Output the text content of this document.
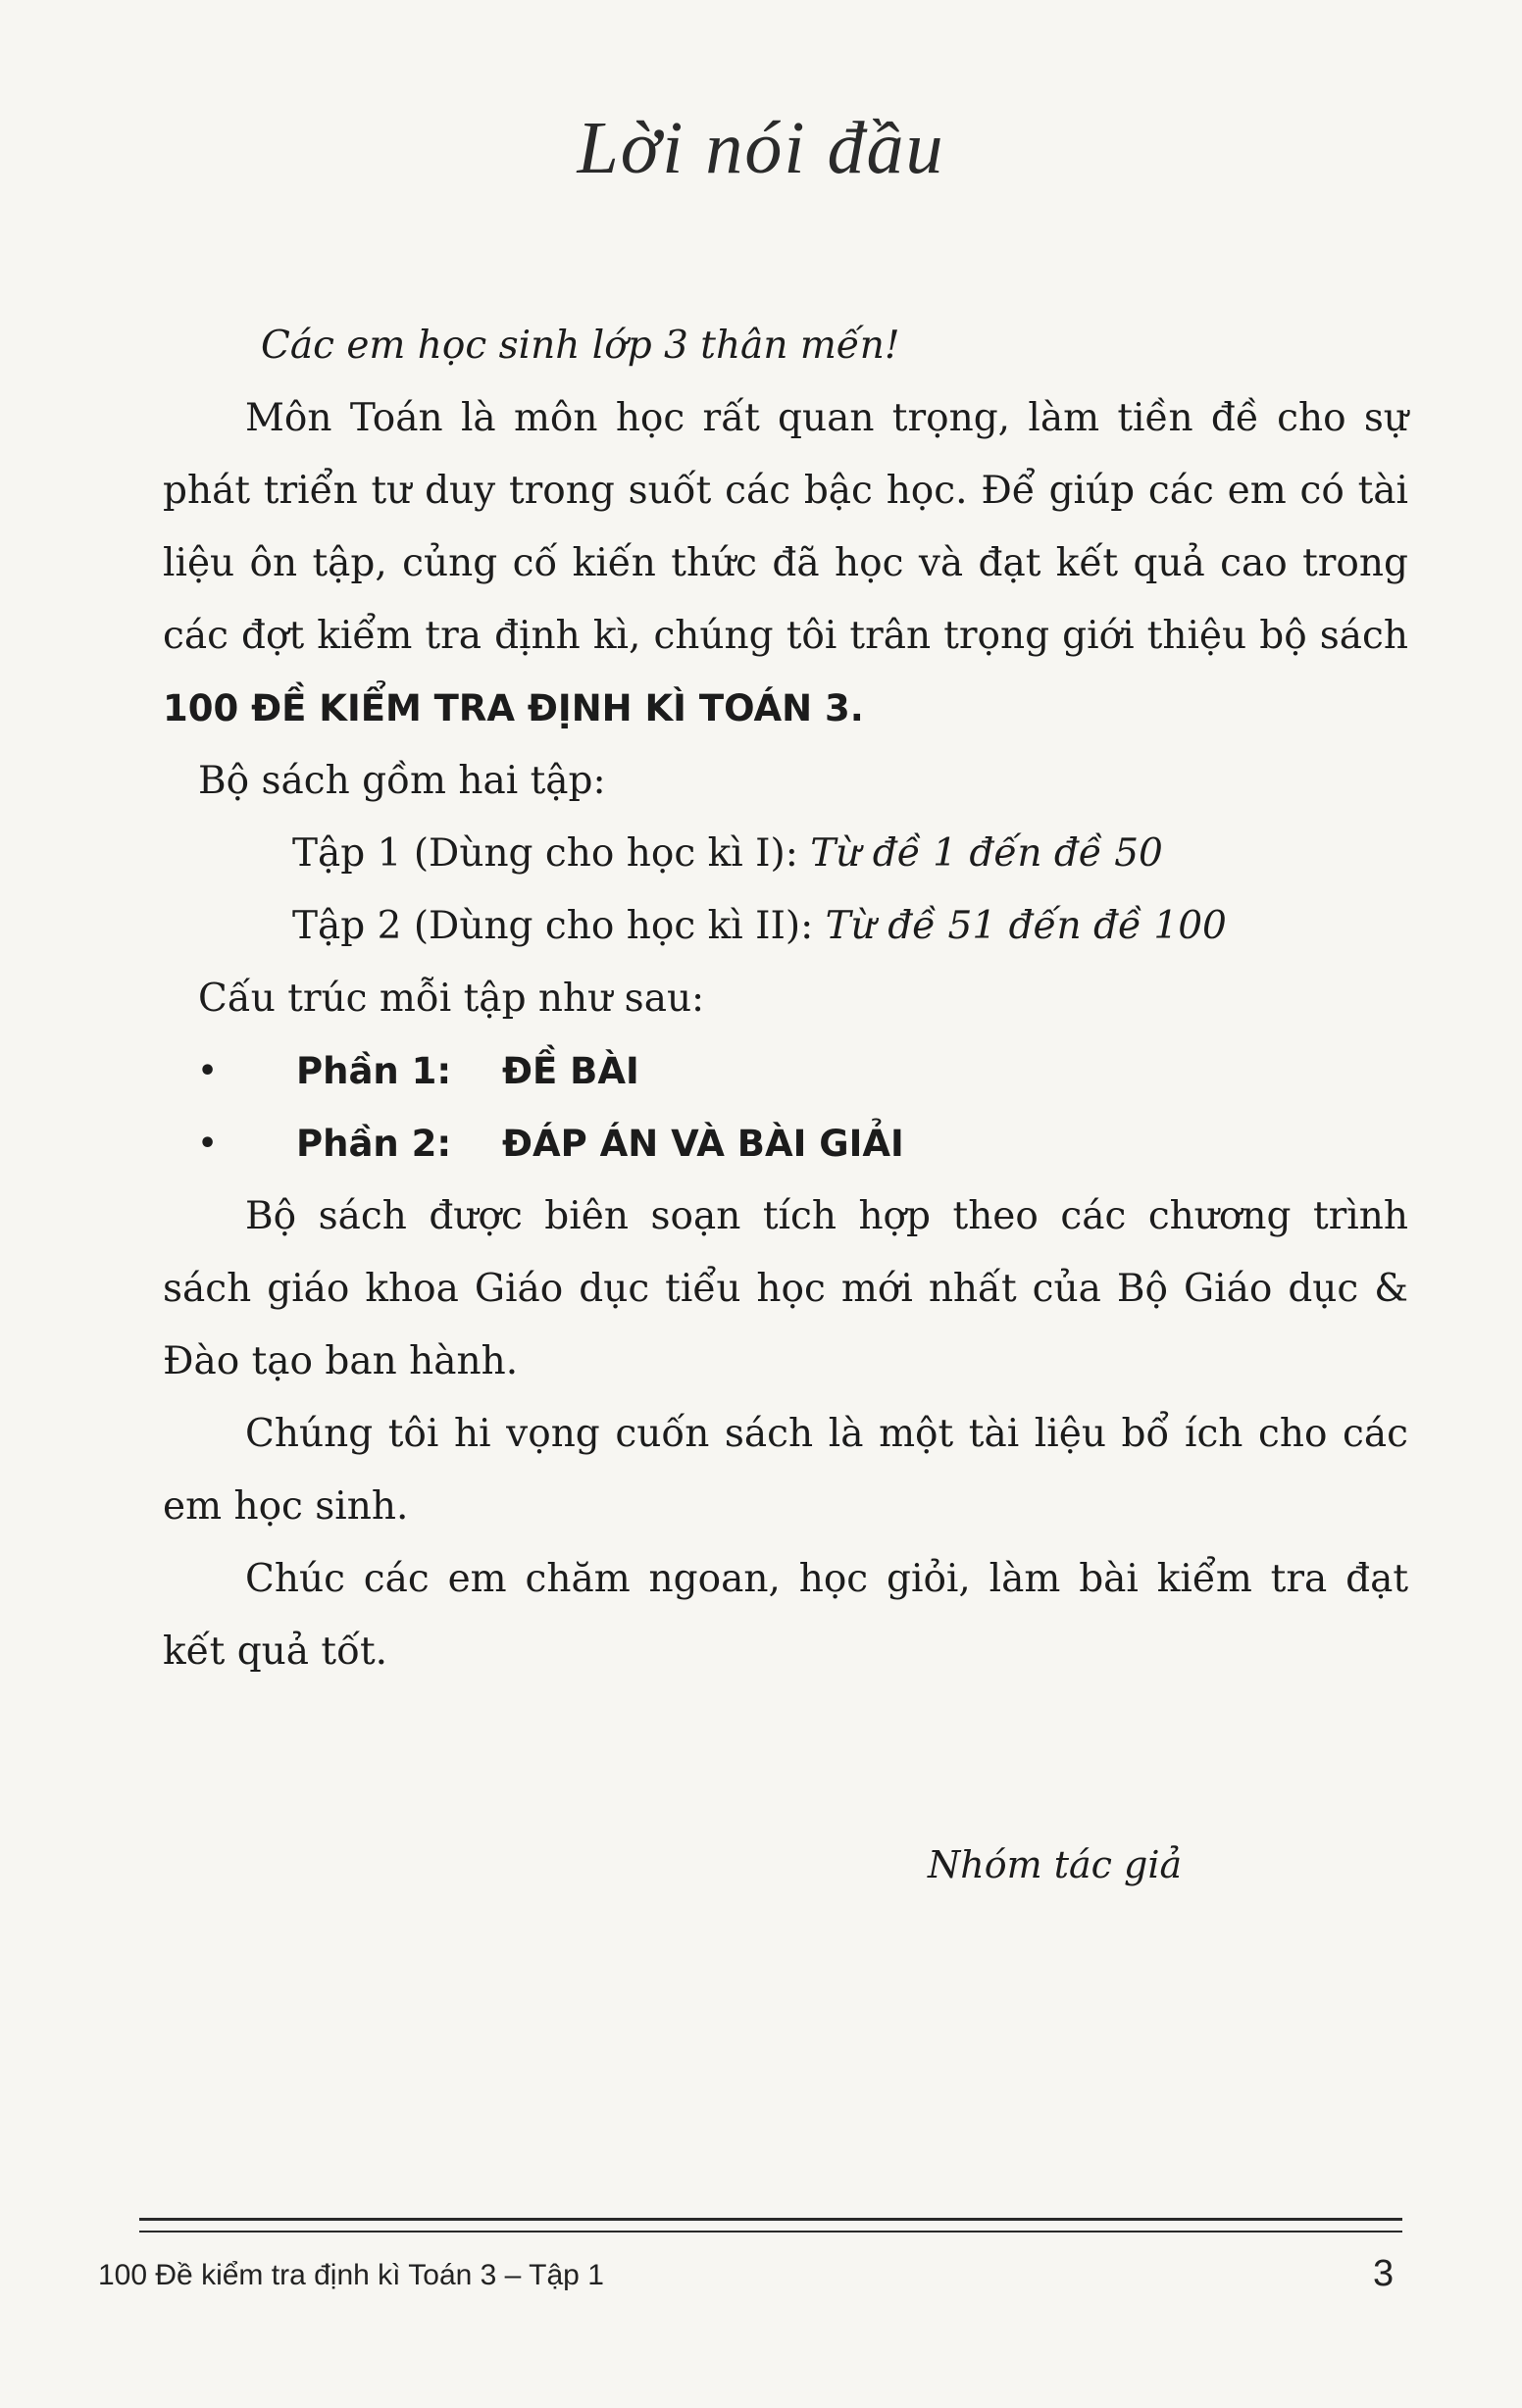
Lời nói đầu

Các em học sinh lớp 3 thân mến!

Môn Toán là môn học rất quan trọng, làm tiền đề cho sự phát triển tư duy trong suốt các bậc học. Để giúp các em có tài liệu ôn tập, củng cố kiến thức đã học và đạt kết quả cao trong các đợt kiểm tra định kì, chúng tôi trân trọng giới thiệu bộ sách 100 ĐỀ KIỂM TRA ĐỊNH KÌ TOÁN 3.

Bộ sách gồm hai tập:

Tập 1 (Dùng cho học kì I): Từ đề 1 đến đề 50

Tập 2 (Dùng cho học kì II): Từ đề 51 đến đề 100

Cấu trúc mỗi tập như sau:

• Phần 1: ĐỀ BÀI

• Phần 2: ĐÁP ÁN VÀ BÀI GIẢI

Bộ sách được biên soạn tích hợp theo các chương trình sách giáo khoa Giáo dục tiểu học mới nhất của Bộ Giáo dục & Đào tạo ban hành.

Chúng tôi hi vọng cuốn sách là một tài liệu bổ ích cho các em học sinh.

Chúc các em chăm ngoan, học giỏi, làm bài kiểm tra đạt kết quả tốt.

Nhóm tác giả
100 Đề kiểm tra định kì Toán 3 – Tập 1	3
